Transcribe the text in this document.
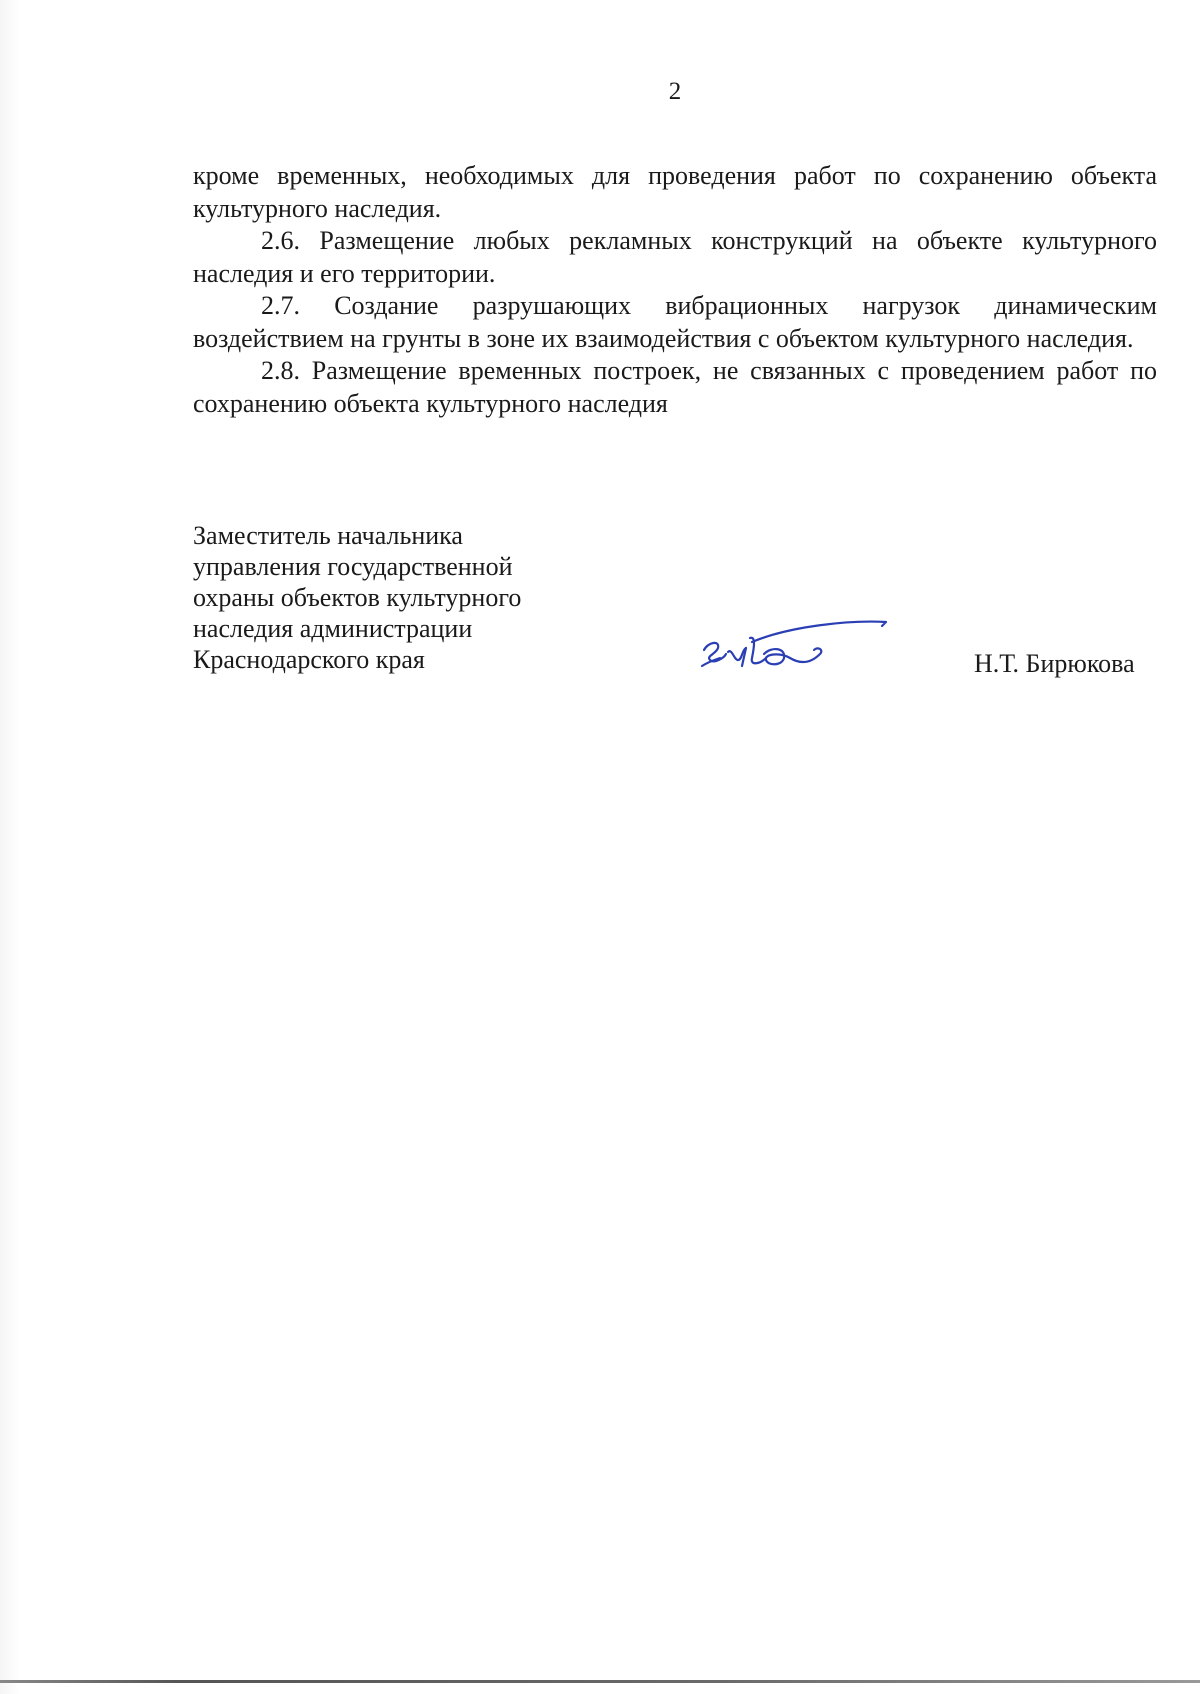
2

кроме временных, необходимых для проведения работ по сохранению объекта культурного наследия.

2.6. Размещение любых рекламных конструкций на объекте культурного наследия и его территории.

2.7. Создание разрушающих вибрационных нагрузок динамическим воздействием на грунты в зоне их взаимодействия с объектом культурного наследия.

2.8. Размещение временных построек, не связанных с проведением работ по сохранению объекта культурного наследия

Заместитель начальника
управления государственной
охраны объектов культурного
наследия администрации
Краснодарского края	Н.Т. Бирюкова
